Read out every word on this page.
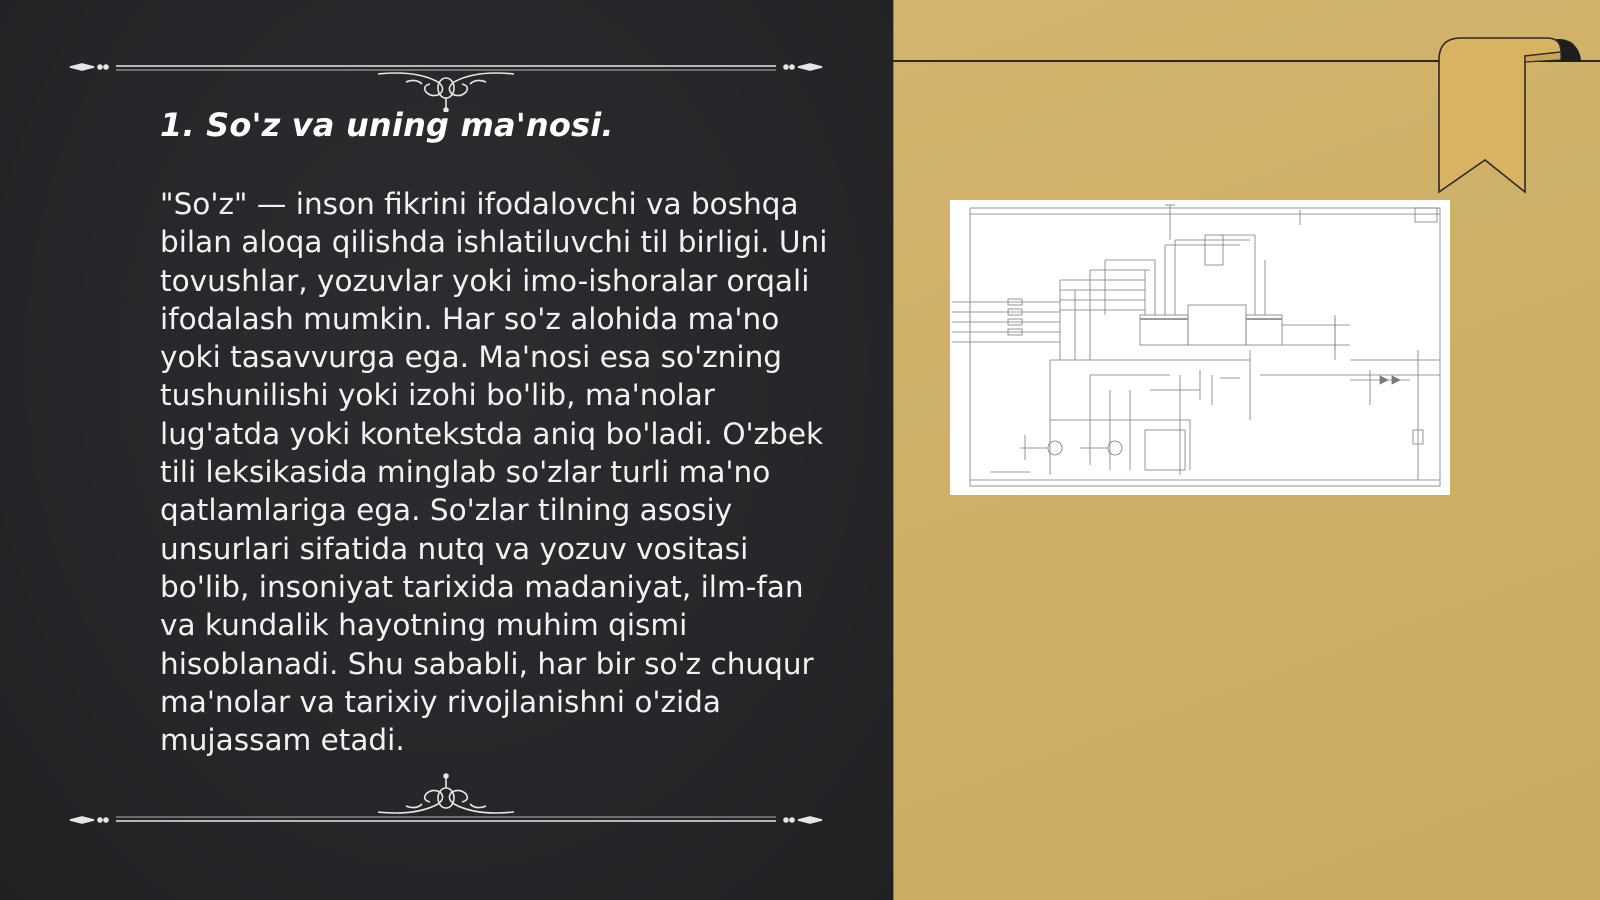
1. So'z va uning ma'nosi.

"So'z" — inson fikrini ifodalovchi va boshqa bilan aloqa qilishda ishlatiluvchi til birligi. Uni tovushlar, yozuvlar yoki imo-ishoralar orqali ifodalash mumkin. Har so'z alohida ma'no yoki tasavvurga ega. Ma'nosi esa so'zning tushunilishi yoki izohi bo'lib, ma'nolar lug'atda yoki kontekstda aniq bo'ladi. O'zbek tili leksikasida minglab so'zlar turli ma'no qatlamlariga ega. So'zlar tilning asosiy unsurlari sifatida nutq va yozuv vositasi bo'lib, insoniyat tarixida madaniyat, ilm-fan va kundalik hayotning muhim qismi hisoblanadi. Shu sababli, har bir so'z chuqur ma'nolar va tarixiy rivojlanishni o'zida mujassam etadi.
